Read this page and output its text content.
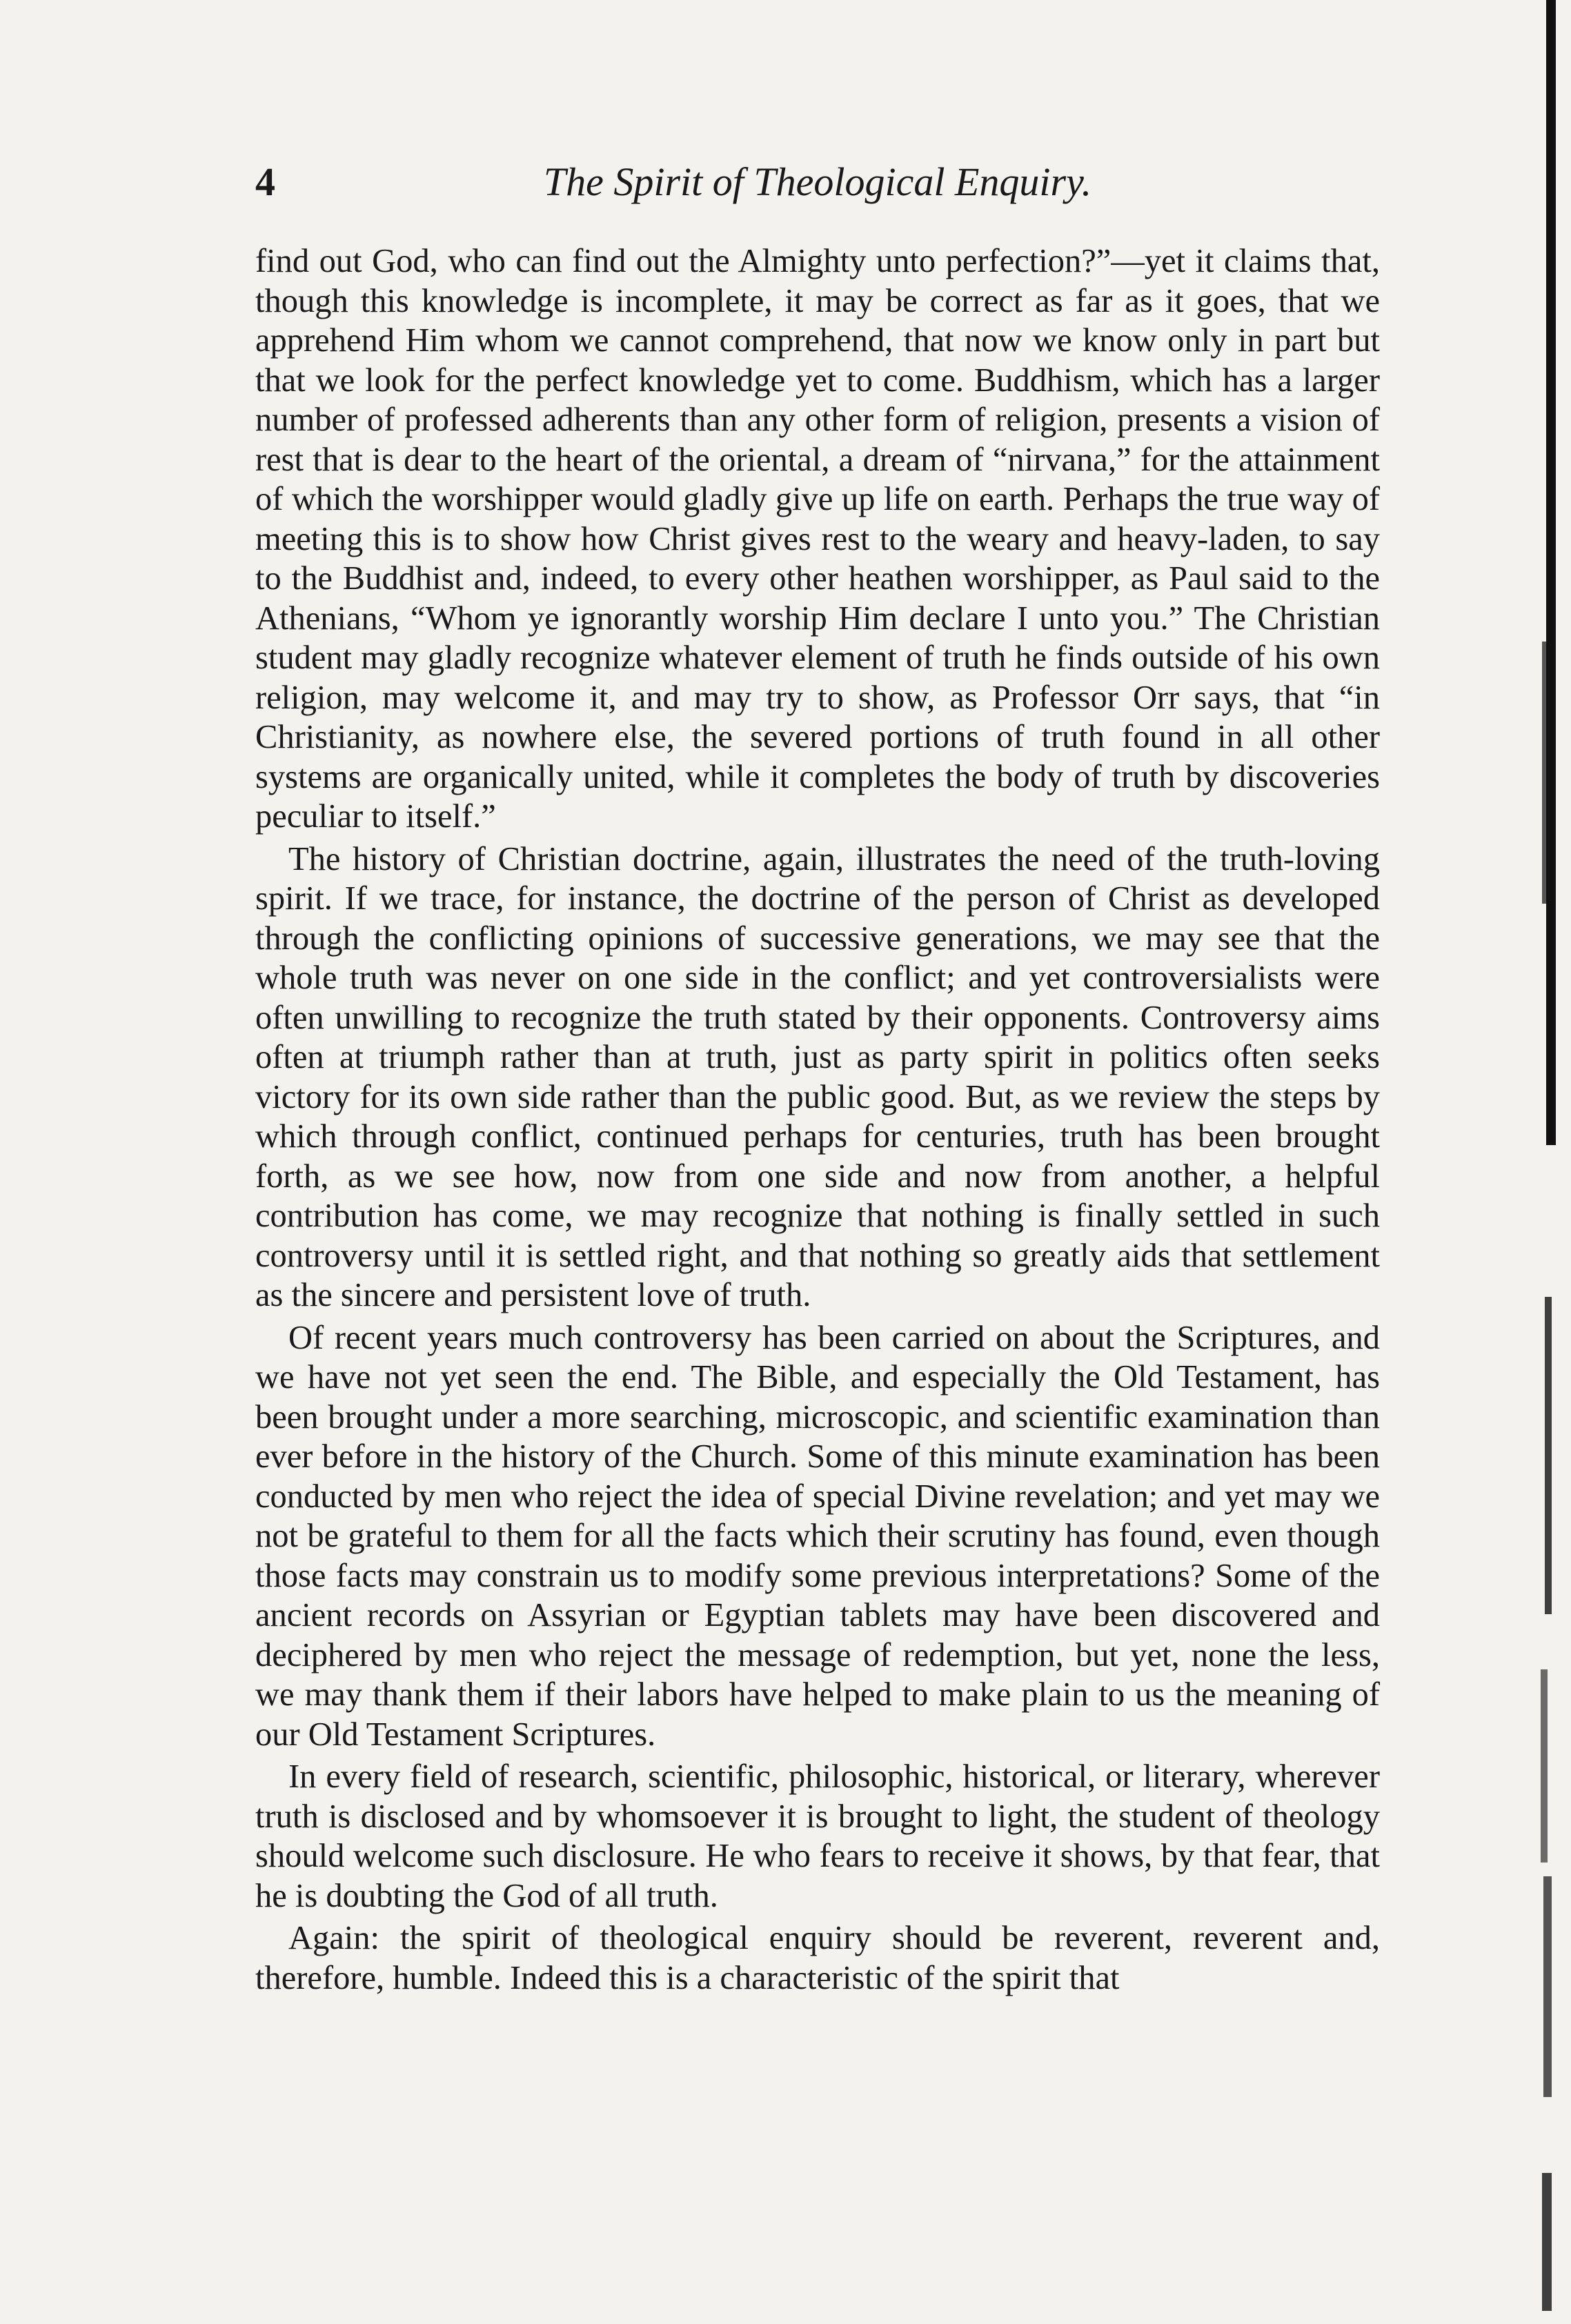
4	The Spirit of Theological Enquiry.

find out God, who can find out the Almighty unto perfection?”—yet it claims that, though this knowledge is incomplete, it may be correct as far as it goes, that we apprehend Him whom we cannot comprehend, that now we know only in part but that we look for the perfect knowledge yet to come. Buddhism, which has a larger number of professed adherents than any other form of religion, presents a vision of rest that is dear to the heart of the oriental, a dream of “nirvana,” for the attainment of which the worshipper would gladly give up life on earth. Perhaps the true way of meeting this is to show how Christ gives rest to the weary and heavy-laden, to say to the Buddhist and, indeed, to every other heathen worshipper, as Paul said to the Athenians, “Whom ye ignorantly worship Him declare I unto you.” The Christian student may gladly recognize whatever element of truth he finds outside of his own religion, may welcome it, and may try to show, as Professor Orr says, that “in Christianity, as nowhere else, the severed portions of truth found in all other systems are organically united, while it completes the body of truth by discoveries peculiar to itself.”

The history of Christian doctrine, again, illustrates the need of the truth-loving spirit. If we trace, for instance, the doctrine of the person of Christ as developed through the conflicting opinions of successive generations, we may see that the whole truth was never on one side in the conflict; and yet controversialists were often unwilling to recognize the truth stated by their opponents. Controversy aims often at triumph rather than at truth, just as party spirit in politics often seeks victory for its own side rather than the public good. But, as we review the steps by which through conflict, continued perhaps for centuries, truth has been brought forth, as we see how, now from one side and now from another, a helpful contribution has come, we may recognize that nothing is finally settled in such controversy until it is settled right, and that nothing so greatly aids that settlement as the sincere and persistent love of truth.

Of recent years much controversy has been carried on about the Scriptures, and we have not yet seen the end. The Bible, and especially the Old Testament, has been brought under a more searching, microscopic, and scientific examination than ever before in the history of the Church. Some of this minute examination has been conducted by men who reject the idea of special Divine revelation; and yet may we not be grateful to them for all the facts which their scrutiny has found, even though those facts may constrain us to modify some previous interpretations? Some of the ancient records on Assyrian or Egyptian tablets may have been discovered and deciphered by men who reject the message of redemption, but yet, none the less, we may thank them if their labors have helped to make plain to us the meaning of our Old Testament Scriptures.

In every field of research, scientific, philosophic, historical, or literary, wherever truth is disclosed and by whomsoever it is brought to light, the student of theology should welcome such disclosure. He who fears to receive it shows, by that fear, that he is doubting the God of all truth.

Again: the spirit of theological enquiry should be reverent, reverent and, therefore, humble. Indeed this is a characteristic of the spirit that
